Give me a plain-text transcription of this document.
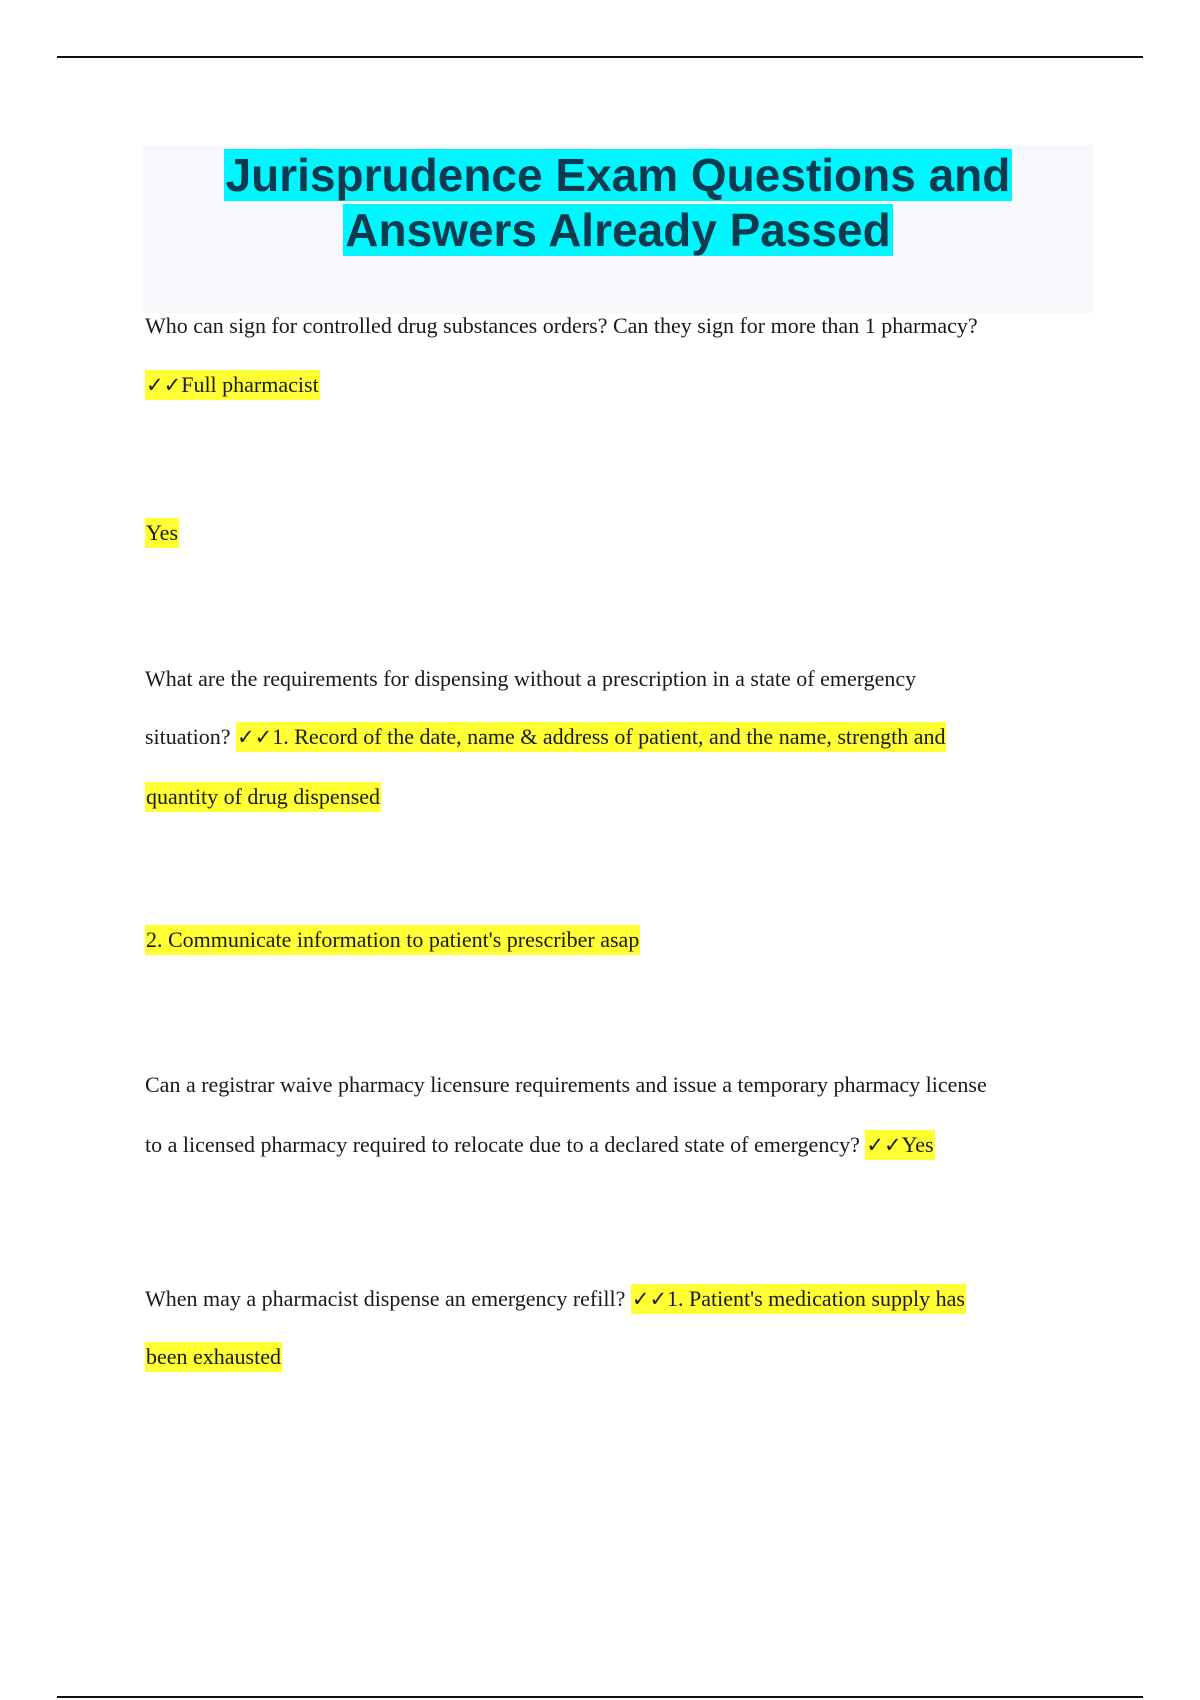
Jurisprudence Exam Questions and
Answers Already Passed
Who can sign for controlled drug substances orders? Can they sign for more than 1 pharmacy?
✓✓Full pharmacist
Yes
What are the requirements for dispensing without a prescription in a state of emergency
situation? ✓✓1. Record of the date, name & address of patient, and the name, strength and
quantity of drug dispensed
2. Communicate information to patient's prescriber asap
Can a registrar waive pharmacy licensure requirements and issue a temporary pharmacy license
to a licensed pharmacy required to relocate due to a declared state of emergency? ✓✓Yes
When may a pharmacist dispense an emergency refill? ✓✓1. Patient's medication supply has
been exhausted
